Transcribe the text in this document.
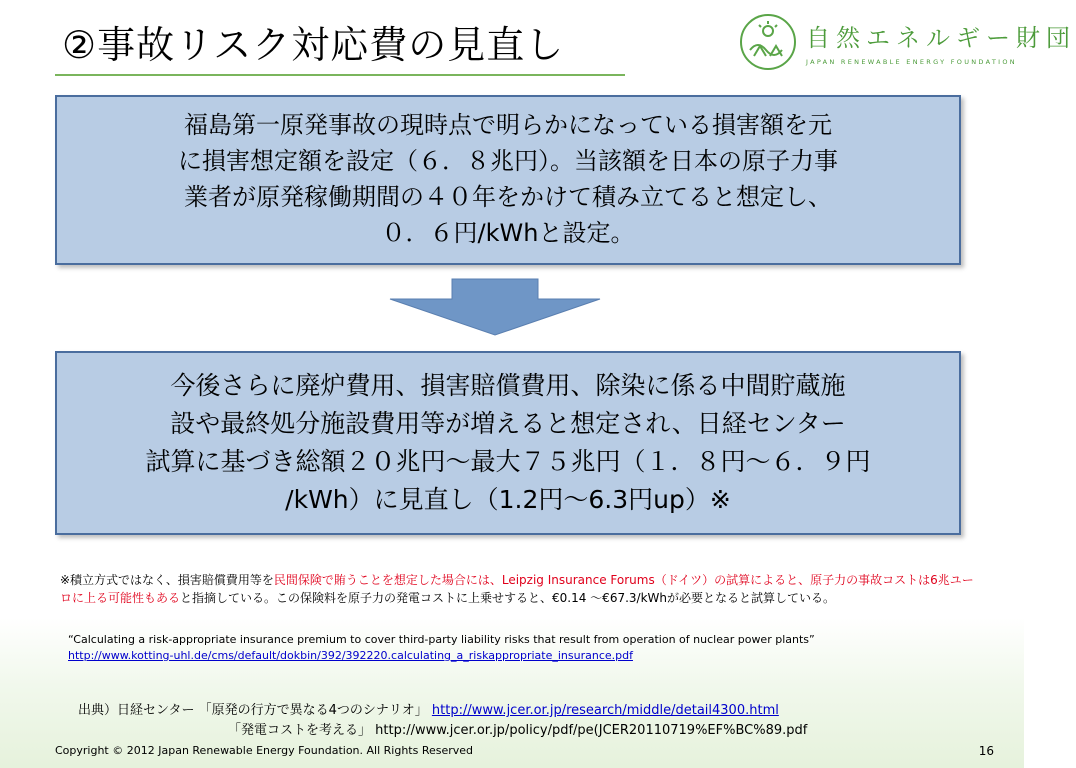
②事故リスク対応費の見直し	自然エネルギー財団
JAPAN RENEWABLE ENERGY FOUNDATION
福島第一原発事故の現時点で明らかになっている損害額を元
に損害想定額を設定（６．８兆円）。当該額を日本の原子力事
業者が原発稼働期間の４０年をかけて積み立てると想定し、
０．６円/kWhと設定。
今後さらに廃炉費用、損害賠償費用、除染に係る中間貯蔵施
設や最終処分施設費用等が増えると想定され、日経センター
試算に基づき総額２０兆円～最大７５兆円（１．８円～６．９円
/kWh）に見直し（1.2円～6.3円up）※
※積立方式ではなく、損害賠償費用等を民間保険で賄うことを想定した場合には、Leipzig Insurance Forums（ドイツ）の試算によると、原子力の事故コストは6兆ユーロに上る可能性もあると指摘している。この保険料を原子力の発電コストに上乗せすると、€0.14 ～€67.3/kWhが必要となると試算している。
“Calculating a risk-appropriate insurance premium to cover third-party liability risks that result from operation of nuclear power plants”
http://www.kotting-uhl.de/cms/default/dokbin/392/392220.calculating_a_riskappropriate_insurance.pdf
出典）日経センター 「原発の行方で異なる4つのシナリオ」 http://www.jcer.or.jp/research/middle/detail4300.html
「発電コストを考える」 http://www.jcer.or.jp/policy/pdf/pe(JCER20110719%EF%BC%89.pdf
Copyright © 2012 Japan Renewable Energy Foundation. All Rights Reserved	16
